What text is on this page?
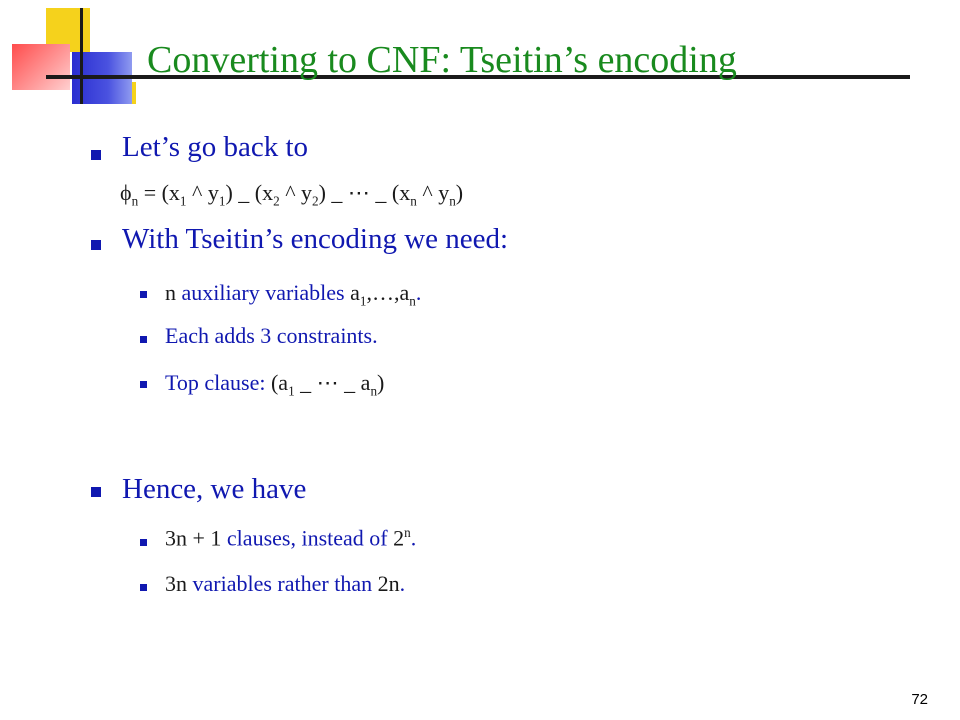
Converting to CNF: Tseitin’s encoding
Let’s go back to
$\phi_n = (x_1$ ^ $y_1$) _ ($x_2$ ^ $y_2$) _ ⋯ _ ($x_n$ ^ $y_n$)
With Tseitin’s encoding we need:
n auxiliary variables $a_1,\dots,a_n$.
Each adds 3 constraints.
Top clause: ($a_1$ _ ⋯ _ $a_n$)
Hence, we have
3n + 1 clauses, instead of 2$^n$.
3n variables rather than 2n.
72
